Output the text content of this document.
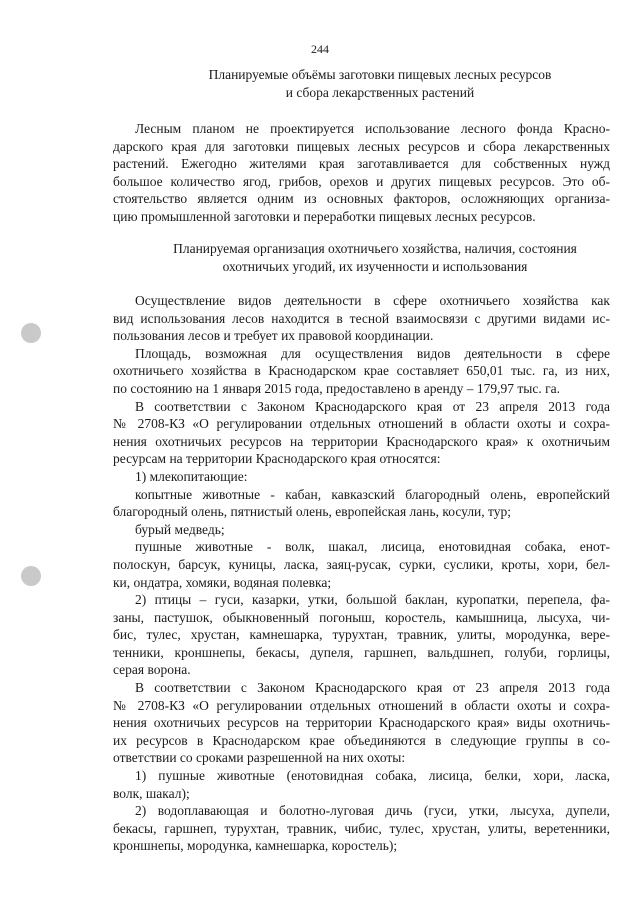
244
Планируемые объёмы заготовки пищевых лесных ресурсов
и сбора лекарственных растений
Лесным планом не проектируется использование лесного фонда Красно-
дарского края для заготовки пищевых лесных ресурсов и сбора лекарственных
растений. Ежегодно жителями края заготавливается для собственных нужд
большое количество ягод, грибов, орехов и других пищевых ресурсов. Это об-
стоятельство является одним из основных факторов, осложняющих организа-
цию промышленной заготовки и переработки пищевых лесных ресурсов.
Планируемая организация охотничьего хозяйства, наличия, состояния
охотничьих угодий, их изученности и использования
Осуществление видов деятельности в сфере охотничьего хозяйства как
вид использования лесов находится в тесной взаимосвязи с другими видами ис-
пользования лесов и требует их правовой координации.
Площадь, возможная для осуществления видов деятельности в сфере
охотничьего хозяйства в Краснодарском крае составляет 650,01 тыс. га, из них,
по состоянию на 1 января 2015 года, предоставлено в аренду – 179,97 тыс. га.
В соответствии с Законом Краснодарского края от 23 апреля 2013 года
№ 2708-КЗ «О регулировании отдельных отношений в области охоты и сохра-
нения охотничьих ресурсов на территории Краснодарского края» к охотничьим
ресурсам на территории Краснодарского края относятся:
1) млекопитающие:
копытные животные - кабан, кавказский благородный олень, европейский
благородный олень, пятнистый олень, европейская лань, косули, тур;
бурый медведь;
пушные животные - волк, шакал, лисица, енотовидная собака, енот-
полоскун, барсук, куницы, ласка, заяц-русак, сурки, суслики, кроты, хори, бел-
ки, ондатра, хомяки, водяная полевка;
2) птицы – гуси, казарки, утки, большой баклан, куропатки, перепела, фа-
заны, пастушок, обыкновенный погоныш, коростель, камышница, лысуха, чи-
бис, тулес, хрустан, камнешарка, турухтан, травник, улиты, мородунка, вере-
тенники, кроншнепы, бекасы, дупеля, гаршнеп, вальдшнеп, голуби, горлицы,
серая ворона.
В соответствии с Законом Краснодарского края от 23 апреля 2013 года
№ 2708-КЗ «О регулировании отдельных отношений в области охоты и сохра-
нения охотничьих ресурсов на территории Краснодарского края» виды охотничь-
их ресурсов в Краснодарском крае объединяются в следующие группы в со-
ответствии со сроками разрешенной на них охоты:
1) пушные животные (енотовидная собака, лисица, белки, хори, ласка,
волк, шакал);
2) водоплавающая и болотно-луговая дичь (гуси, утки, лысуха, дупели,
бекасы, гаршнеп, турухтан, травник, чибис, тулес, хрустан, улиты, веретенники,
кроншнепы, мородунка, камнешарка, коростель);
